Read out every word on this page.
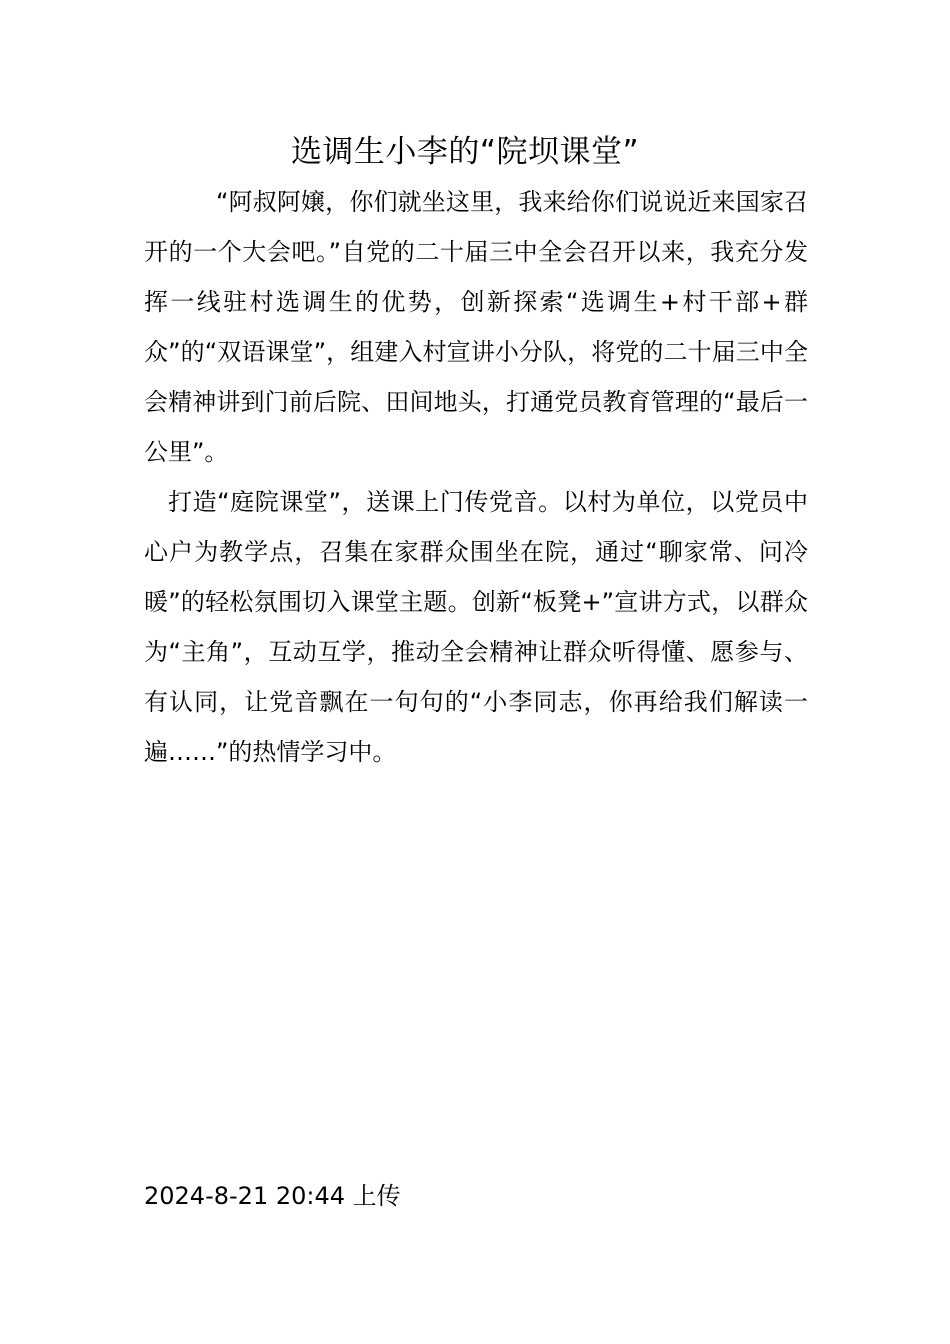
选调生小李的“院坝课堂”

“阿叔阿嬢，你们就坐这里，我来给你们说说近来国家召开的一个大会吧。”自党的二十届三中全会召开以来，我充分发挥一线驻村选调生的优势，创新探索“选调生+村干部+群众”的“双语课堂”，组建入村宣讲小分队，将党的二十届三中全会精神讲到门前后院、田间地头，打通党员教育管理的“最后一公里”。

打造“庭院课堂”，送课上门传党音。以村为单位，以党员中心户为教学点，召集在家群众围坐在院，通过“聊家常、问冷暖”的轻松氛围切入课堂主题。创新“板凳+”宣讲方式，以群众为“主角”，互动互学，推动全会精神让群众听得懂、愿参与、有认同，让党音飘在一句句的“小李同志，你再给我们解读一遍……”的热情学习中。

2024-8-21 20:44 上传
